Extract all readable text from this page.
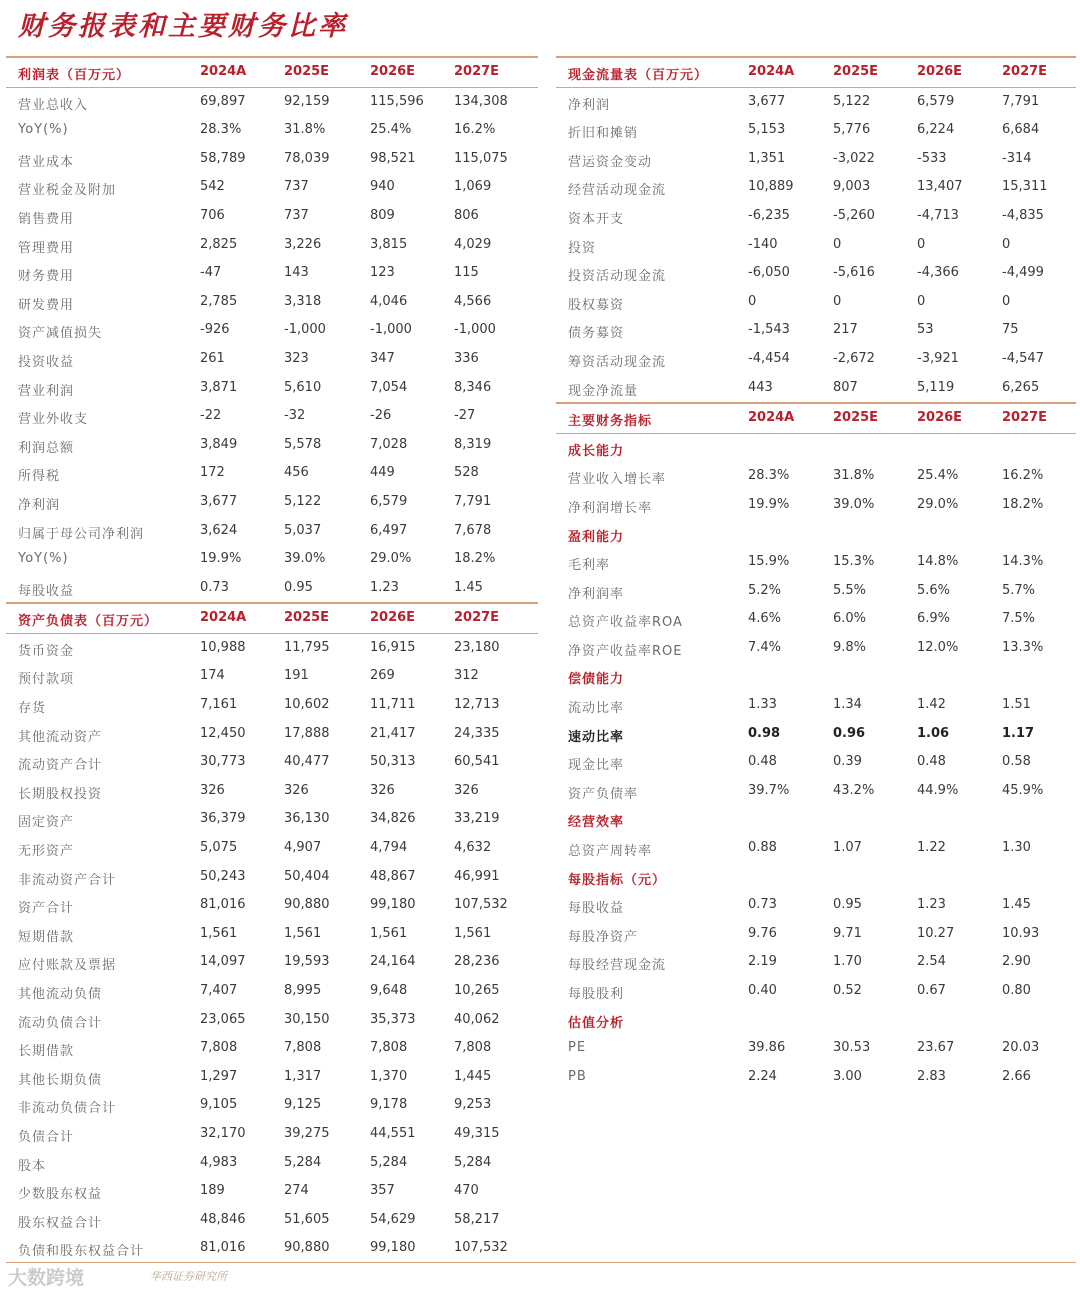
财务报表和主要财务比率
利润表（百万元）	2024A	2025E	2026E	2027E
营业总收入	69,897	92,159	115,596 134,308
YoY(%)	28.3%	31.8%	25.4%	16.2%
营业成本	58,789	78,039	98,521	115,075
营业税金及附加	542	737	940	1,069
销售费用	706	737	809	806
管理费用	2,825	3,226	3,815	4,029
财务费用	-47	143	123	115
研发费用	2,785	3,318	4,046	4,566
资产减值损失	-926	-1,000	-1,000	-1,000
投资收益	261	323	347	336
营业利润	3,871	5,610	7,054	8,346
营业外收支	-22	-32	-26	-27
利润总额	3,849	5,578	7,028	8,319
所得税	172	456	449	528
净利润	3,677	5,122	6,579	7,791
归属于母公司净利润	3,624	5,037	6,497	7,678
YoY(%)	19.9%	39.0%	29.0%	18.2%
每股收益	0.73	0.95	1.23	1.45
资产负债表（百万元）	2024A	2025E	2026E	2027E
货币资金	10,988	11,795	16,915	23,180
预付款项	174	191	269	312
存货	7,161	10,602	11,711	12,713
其他流动资产	12,450	17,888	21,417	24,335
流动资产合计	30,773	40,477	50,313	60,541
长期股权投资	326	326	326	326
固定资产	36,379	36,130	34,826	33,219
无形资产	5,075	4,907	4,794	4,632
非流动资产合计	50,243	50,404	48,867	46,991
资产合计	81,016	90,880	99,180	107,532
短期借款	1,561	1,561	1,561	1,561
应付账款及票据	14,097	19,593	24,164	28,236
其他流动负债	7,407	8,995	9,648	10,265
流动负债合计	23,065	30,150	35,373	40,062
长期借款	7,808	7,808	7,808	7,808
其他长期负债	1,297	1,317	1,370	1,445
非流动负债合计	9,105	9,125	9,178	9,253
负债合计	32,170	39,275	44,551	49,315
股本	4,983	5,284	5,284	5,284
少数股东权益	189	274	357	470
股东权益合计	48,846	51,605	54,629	58,217
负债和股东权益合计	81,016	90,880	99,180	107,532
现金流量表（百万元）	2024A	2025E	2026E	2027E
净利润	3,677	5,122	6,579	7,791
折旧和摊销	5,153	5,776	6,224	6,684
营运资金变动	1,351	-3,022	-533	-314
经营活动现金流	10,889	9,003	13,407	15,311
资本开支	-6,235	-5,260	-4,713	-4,835
投资	-140	0	0	0
投资活动现金流	-6,050	-5,616	-4,366	-4,499
股权募资	0	0	0	0
债务募资	-1,543	217	53	75
筹资活动现金流	-4,454	-2,672	-3,921	-4,547
现金净流量	443	807	5,119	6,265
主要财务指标	2024A	2025E	2026E	2027E
成长能力
营业收入增长率	28.3%	31.8%	25.4%	16.2%
净利润增长率	19.9%	39.0%	29.0%	18.2%
盈利能力
毛利率	15.9%	15.3%	14.8%	14.3%
净利润率	5.2%	5.5%	5.6%	5.7%
总资产收益率ROA	4.6%	6.0%	6.9%	7.5%
净资产收益率ROE	7.4%	9.8%	12.0%	13.3%
偿债能力
流动比率	1.33	1.34	1.42	1.51
速动比率	0.98	0.96	1.06	1.17
现金比率	0.48	0.39	0.48	0.58
资产负债率	39.7%	43.2%	44.9%	45.9%
经营效率
总资产周转率	0.88	1.07	1.22	1.30
每股指标（元）
每股收益	0.73	0.95	1.23	1.45
每股净资产	9.76	9.71	10.27	10.93
每股经营现金流	2.19	1.70	2.54	2.90
每股股利	0.40	0.52	0.67	0.80
估值分析
PE	39.86	30.53	23.67	20.03
PB	2.24	3.00	2.83	2.66
大数跨境	华西证券研究所
